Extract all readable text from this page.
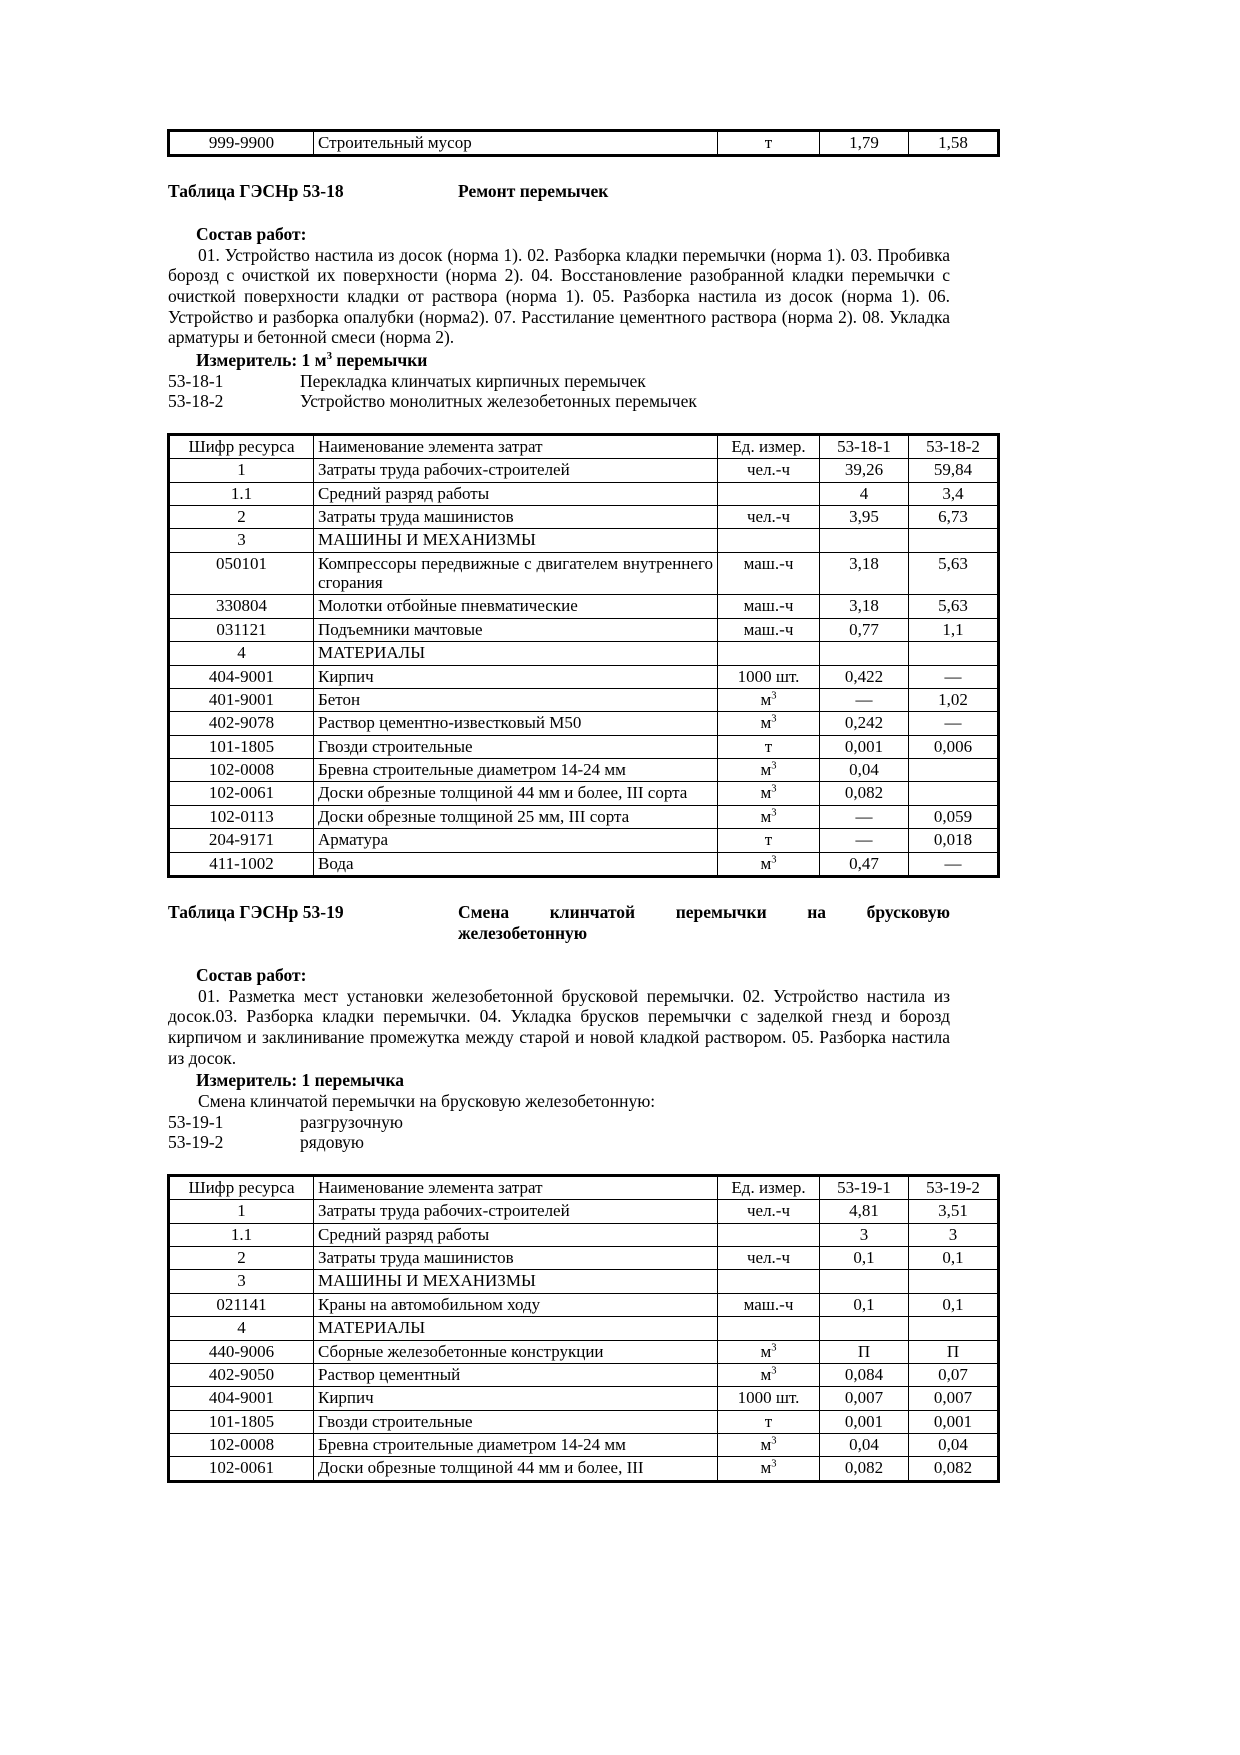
999-9900	Строительный мусор	т	1,79	1,58
Таблица ГЭСНр 53-18	Ремонт перемычек
Состав работ:

01. Устройство настила из досок (норма 1). 02. Разборка кладки перемычки (норма 1). 03. Пробивка борозд с очисткой их поверхности (норма 2). 04. Восстановление разобранной кладки перемычки с очисткой поверхности кладки от раствора (норма 1). 05. Разборка настила из досок (норма 1). 06. Устройство и разборка опалубки (норма2). 07. Расстилание цементного раствора (норма 2). 08. Укладка арматуры и бетонной смеси (норма 2).

Измеритель: 1 $м^3$ перемычки
53-18-1	Перекладка клинчатых кирпичных перемычек
53-18-2	Устройство монолитных железобетонных перемычек
Шифр ресурса	Наименование элемента затрат	Ед. измер.	53-18-1	53-18-2
1	Затраты труда рабочих-строителей	чел.-ч	39,26	59,84
1.1	Средний разряд работы		4	3,4
2	Затраты труда машинистов	чел.-ч	3,95	6,73
3	МАШИНЫ И МЕХАНИЗМЫ			
050101	Компрессоры передвижные с двигателем внутреннего сгорания	маш.-ч	3,18	5,63
330804	Молотки отбойные пневматические	маш.-ч	3,18	5,63
031121	Подъемники мачтовые	маш.-ч	0,77	1,1
4	МАТЕРИАЛЫ			
404-9001	Кирпич	1000 шт.	0,422	—
401-9001	Бетон	$м^3$	—	1,02
402-9078	Раствор цементно-известковый М50	$м^3$	0,242	—
101-1805	Гвозди строительные	т	0,001	0,006
102-0008	Бревна строительные диаметром 14-24 мм	$м^3$	0,04	
102-0061	Доски обрезные толщиной 44 мм и более, III сорта	$м^3$	0,082	
102-0113	Доски обрезные толщиной 25 мм, III сорта	$м^3$	—	0,059
204-9171	Арматура	т	—	0,018
411-1002	Вода	$м^3$	0,47	—
Таблица ГЭСНр 53-19	Смена клинчатой перемычки на брусковую
железобетонную
Состав работ:

01. Разметка мест установки железобетонной брусковой перемычки. 02. Устройство настила из досок.03. Разборка кладки перемычки. 04. Укладка брусков перемычки с заделкой гнезд и борозд кирпичом и заклинивание промежутка между старой и новой кладкой раствором. 05. Разборка настила из досок.

Измеритель: 1 перемычка
Смена клинчатой перемычки на брусковую железобетонную:
53-19-1	разгрузочную
53-19-2	рядовую
Шифр ресурса	Наименование элемента затрат	Ед. измер.	53-19-1	53-19-2
1	Затраты труда рабочих-строителей	чел.-ч	4,81	3,51
1.1	Средний разряд работы		3	3
2	Затраты труда машинистов	чел.-ч	0,1	0,1
3	МАШИНЫ И МЕХАНИЗМЫ			
021141	Краны на автомобильном ходу	маш.-ч	0,1	0,1
4	МАТЕРИАЛЫ			
440-9006	Сборные железобетонные конструкции	$м^3$	П	П
402-9050	Раствор цементный	$м^3$	0,084	0,07
404-9001	Кирпич	1000 шт.	0,007	0,007
101-1805	Гвозди строительные	т	0,001	0,001
102-0008	Бревна строительные диаметром 14-24 мм	$м^3$	0,04	0,04
102-0061	Доски обрезные толщиной 44 мм и более, III	$м^3$	0,082	0,082
